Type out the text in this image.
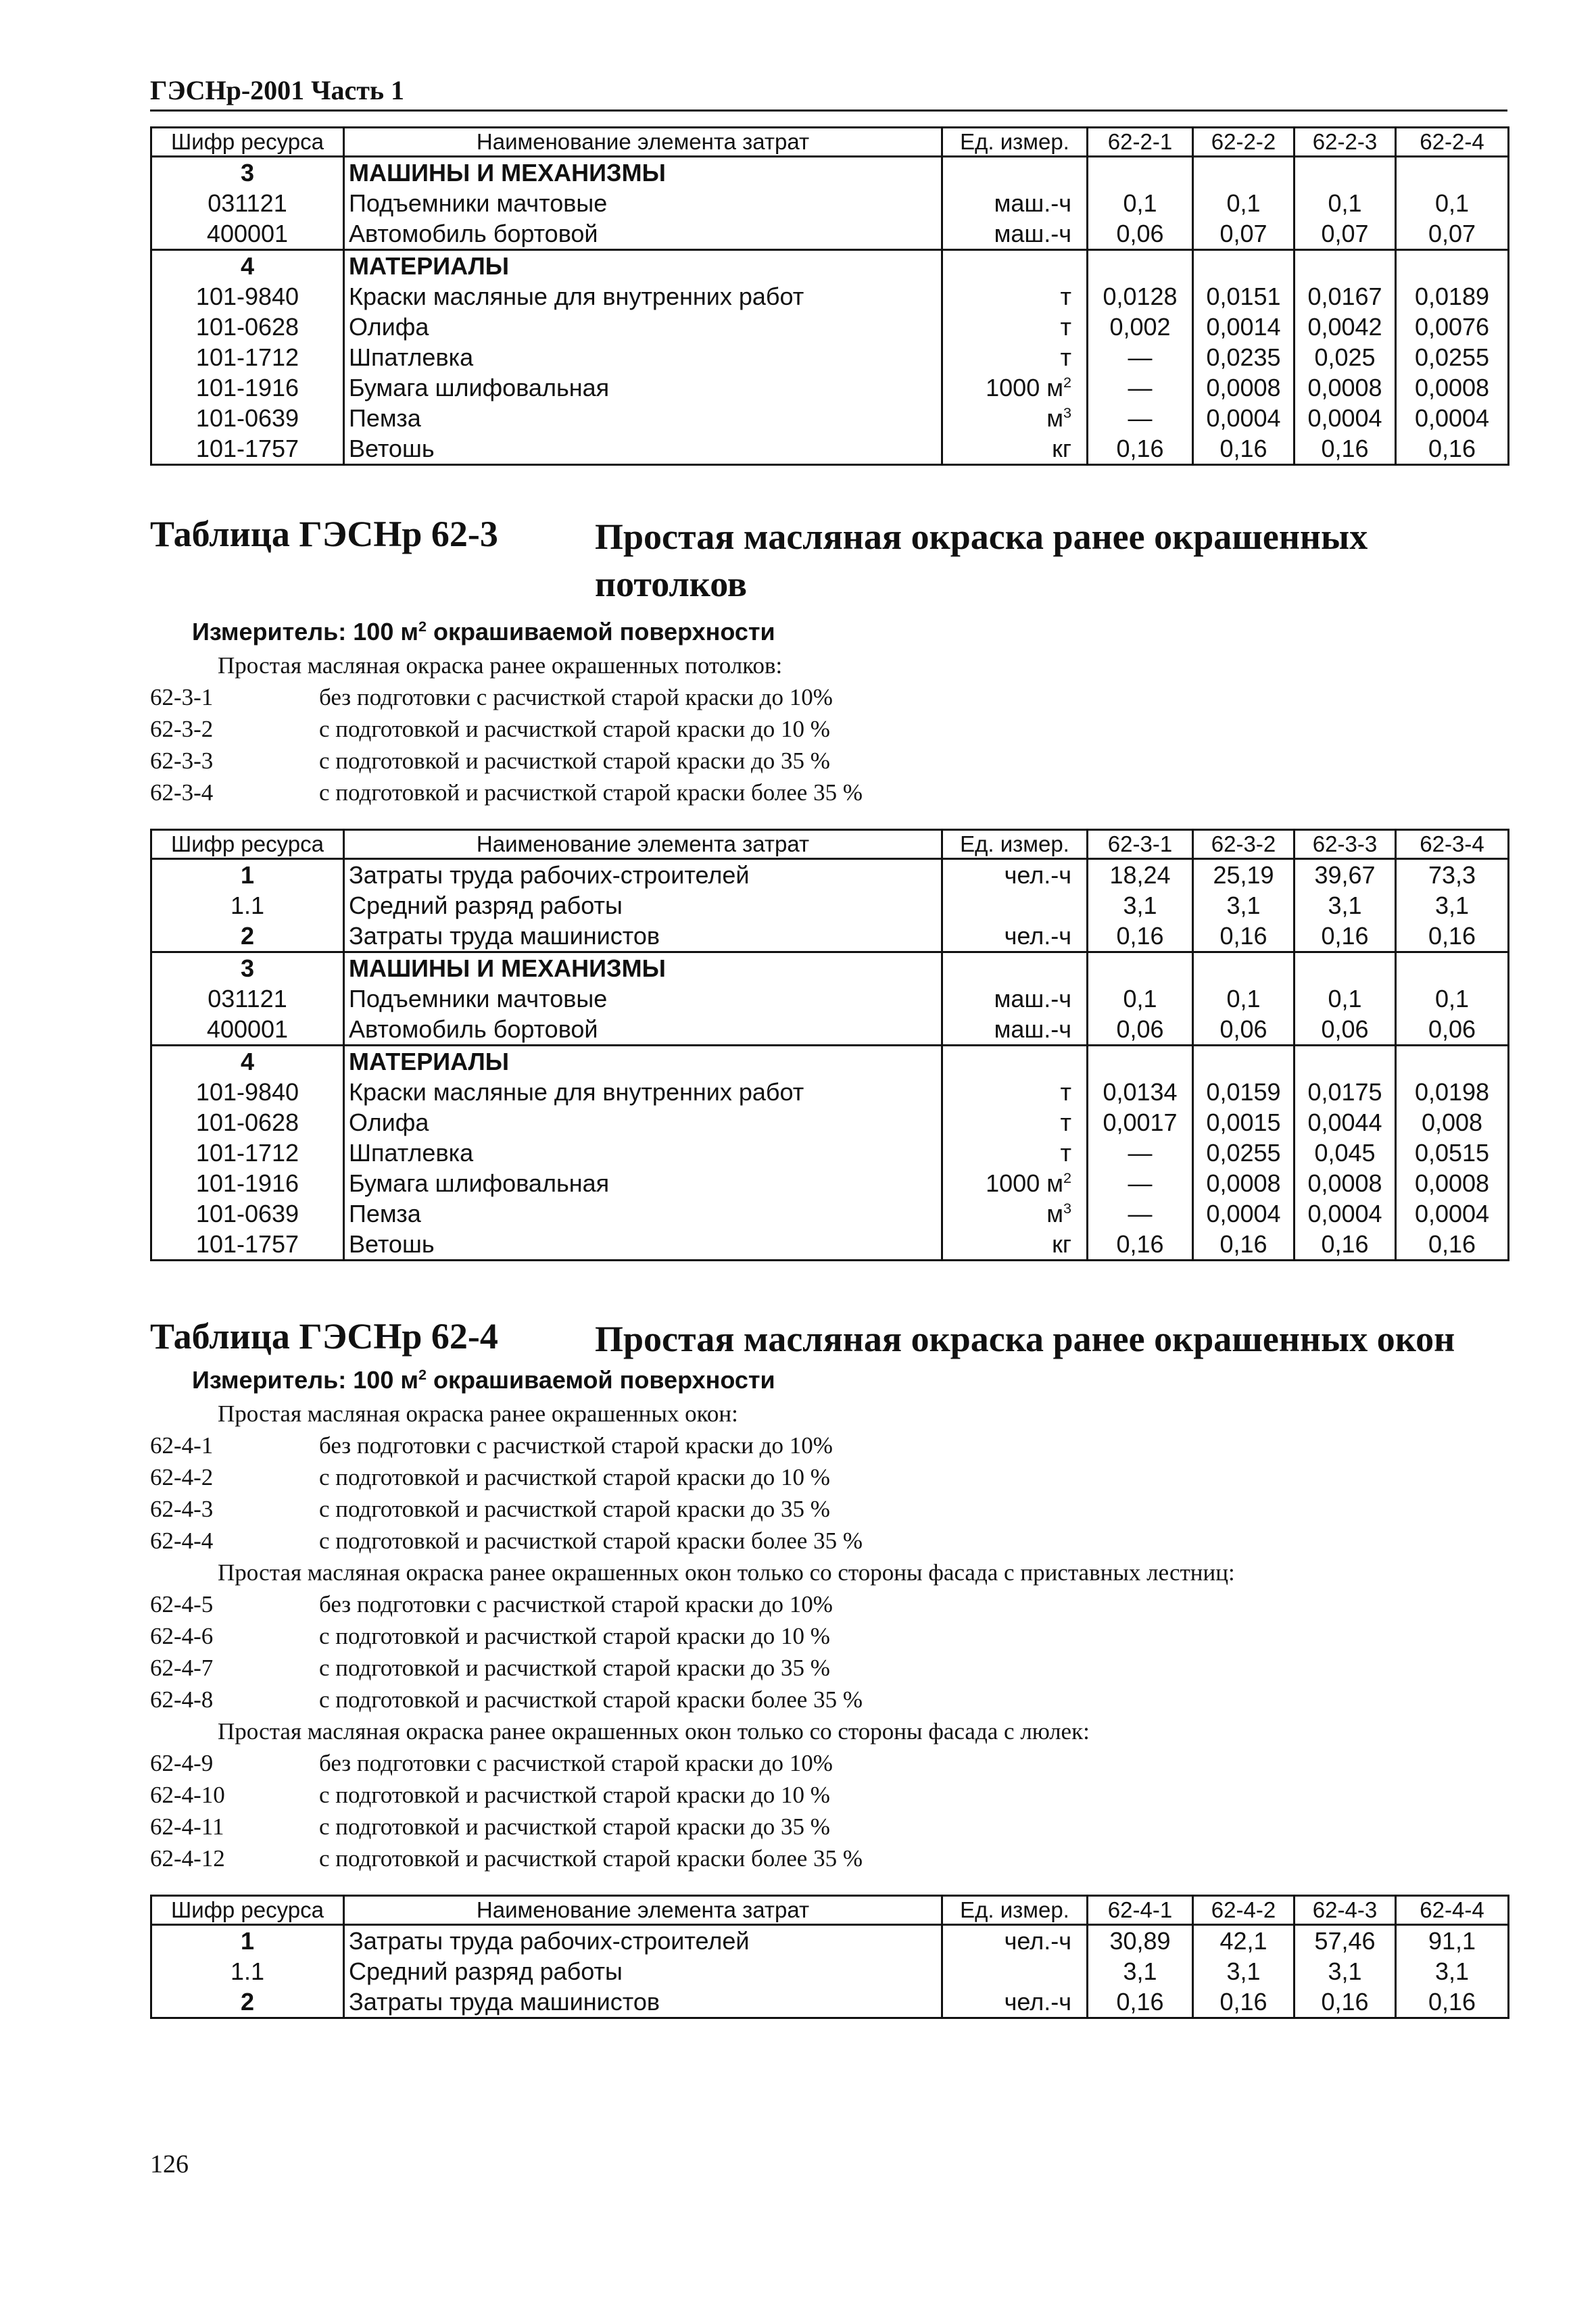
ГЭСНр-2001 Часть 1
Шифр ресурса	Наименование элемента затрат	Ед. измер.	62-2-1	62-2-2	62-2-3	62-2-4
3	МАШИНЫ И МЕХАНИЗМЫ					
031121	Подъемники мачтовые	маш.-ч	0,1	0,1	0,1	0,1
400001	Автомобиль бортовой	маш.-ч	0,06	0,07	0,07	0,07
4	МАТЕРИАЛЫ					
101-9840	Краски масляные для внутренних работ	т	0,0128	0,0151	0,0167	0,0189
101-0628	Олифа	т	0,002	0,0014	0,0042	0,0076
101-1712	Шпатлевка	т	—	0,0235	0,025	0,0255
101-1916	Бумага шлифовальная	1000 $м^2$	—	0,0008	0,0008	0,0008
101-0639	Пемза	$м^3$	—	0,0004	0,0004	0,0004
101-1757	Ветошь	кг	0,16	0,16	0,16	0,16
Таблица ГЭСНр 62-3	Простая масляная окраска ранее окрашенных потолков
Измеритель: 100 $м^2$ окрашиваемой поверхности
Простая масляная окраска ранее окрашенных потолков:
62-3-1	без подготовки с расчисткой старой краски до 10%
62-3-2	с подготовкой и расчисткой старой краски до 10 %
62-3-3	с подготовкой и расчисткой старой краски до 35 %
62-3-4	с подготовкой и расчисткой старой краски более 35 %
Шифр ресурса	Наименование элемента затрат	Ед. измер.	62-3-1	62-3-2	62-3-3	62-3-4
1	Затраты труда рабочих-строителей	чел.-ч	18,24	25,19	39,67	73,3
1.1	Средний разряд работы		3,1	3,1	3,1	3,1
2	Затраты труда машинистов	чел.-ч	0,16	0,16	0,16	0,16
3	МАШИНЫ И МЕХАНИЗМЫ					
031121	Подъемники мачтовые	маш.-ч	0,1	0,1	0,1	0,1
400001	Автомобиль бортовой	маш.-ч	0,06	0,06	0,06	0,06
4	МАТЕРИАЛЫ					
101-9840	Краски масляные для внутренних работ	т	0,0134	0,0159	0,0175	0,0198
101-0628	Олифа	т	0,0017	0,0015	0,0044	0,008
101-1712	Шпатлевка	т	—	0,0255	0,045	0,0515
101-1916	Бумага шлифовальная	1000 $м^2$	—	0,0008	0,0008	0,0008
101-0639	Пемза	$м^3$	—	0,0004	0,0004	0,0004
101-1757	Ветошь	кг	0,16	0,16	0,16	0,16
Таблица ГЭСНр 62-4	Простая масляная окраска ранее окрашенных окон
Измеритель: 100 $м^2$ окрашиваемой поверхности
Простая масляная окраска ранее окрашенных окон:
62-4-1	без подготовки с расчисткой старой краски до 10%
62-4-2	с подготовкой и расчисткой старой краски до 10 %
62-4-3	с подготовкой и расчисткой старой краски до 35 %
62-4-4	с подготовкой и расчисткой старой краски более 35 %
Простая масляная окраска ранее окрашенных окон только со стороны фасада с приставных лестниц:
62-4-5	без подготовки с расчисткой старой краски до 10%
62-4-6	с подготовкой и расчисткой старой краски до 10 %
62-4-7	с подготовкой и расчисткой старой краски до 35 %
62-4-8	с подготовкой и расчисткой старой краски более 35 %
Простая масляная окраска ранее окрашенных окон только со стороны фасада с люлек:
62-4-9	без подготовки с расчисткой старой краски до 10%
62-4-10	с подготовкой и расчисткой старой краски до 10 %
62-4-11	с подготовкой и расчисткой старой краски до 35 %
62-4-12	с подготовкой и расчисткой старой краски более 35 %
Шифр ресурса	Наименование элемента затрат	Ед. измер.	62-4-1	62-4-2	62-4-3	62-4-4
1	Затраты труда рабочих-строителей	чел.-ч	30,89	42,1	57,46	91,1
1.1	Средний разряд работы		3,1	3,1	3,1	3,1
2	Затраты труда машинистов	чел.-ч	0,16	0,16	0,16	0,16
126
